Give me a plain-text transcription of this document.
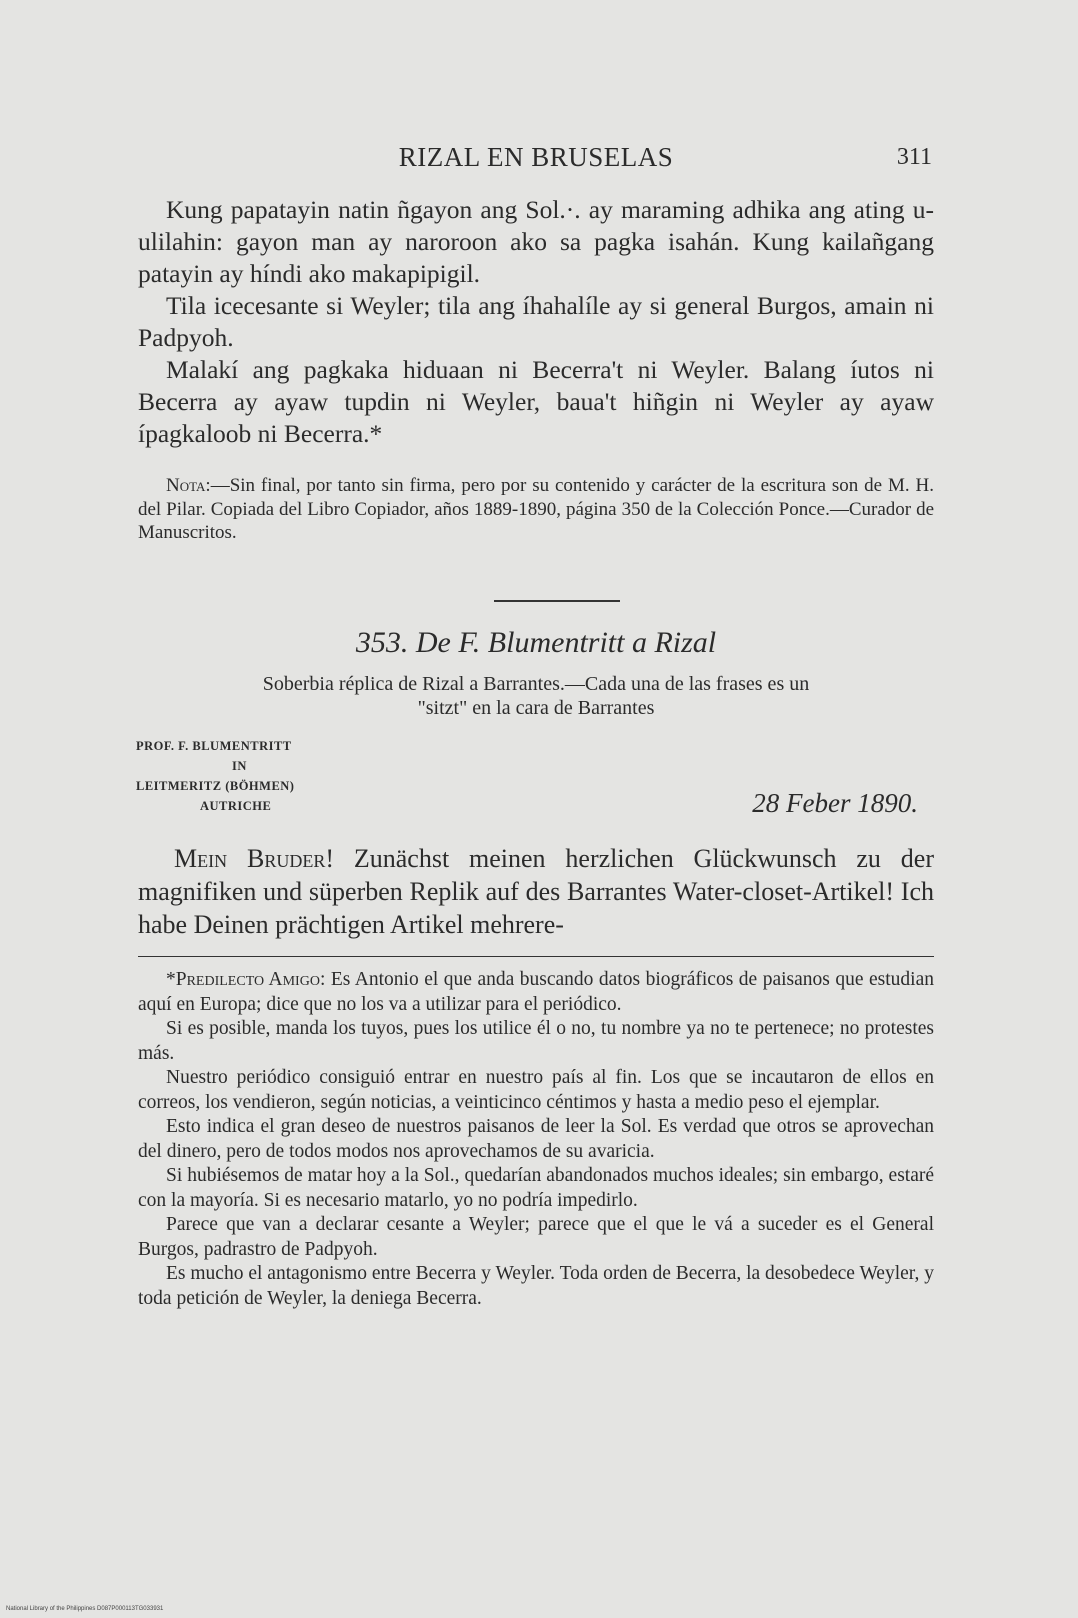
RIZAL EN BRUSELAS	311

Kung papatayin natin ñgayon ang Sol.·. ay maraming adhika ang ating u-ulilahin: gayon man ay naroroon ako sa pagka isahán. Kung kailañgang patayin ay híndi ako makapipigil.

Tila icecesante si Weyler; tila ang íhahalíle ay si general Burgos, amain ni Padpyoh.

Malakí ang pagkaka hiduaan ni Becerra't ni Weyler. Balang íutos ni Becerra ay ayaw tupdin ni Weyler, baua't hiñgin ni Weyler ay ayaw ípagkaloob ni Becerra.*

Nota:—Sin final, por tanto sin firma, pero por su contenido y carácter de la escritura son de M. H. del Pilar. Copiada del Libro Copiador, años 1889-1890, página 350 de la Colección Ponce.—Curador de Manuscritos.

353. De F. Blumentritt a Rizal
Soberbia réplica de Rizal a Barrantes.—Cada una de las frases es un
"sitzt" en la cara de Barrantes
PROF. F. BLUMENTRITT
IN
LEITMERITZ (BÖHMEN)
AUTRICHE	28 Feber 1890.

Mein Bruder! Zunächst meinen herzlichen Glückwunsch zu der magnifiken und süperben Replik auf des Barrantes Water-closet-Artikel! Ich habe Deinen prächtigen Artikel mehrere-

*Predilecto Amigo: Es Antonio el que anda buscando datos biográficos de paisanos que estudian aquí en Europa; dice que no los va a utilizar para el periódico.

Si es posible, manda los tuyos, pues los utilice él o no, tu nombre ya no te pertenece; no protestes más.

Nuestro periódico consiguió entrar en nuestro país al fin. Los que se incautaron de ellos en correos, los vendieron, según noticias, a veinticinco céntimos y hasta a medio peso el ejemplar.

Esto indica el gran deseo de nuestros paisanos de leer la Sol. Es verdad que otros se aprovechan del dinero, pero de todos modos nos aprovechamos de su avaricia.

Si hubiésemos de matar hoy a la Sol., quedarían abandonados muchos ideales; sin embargo, estaré con la mayoría. Si es necesario matarlo, yo no podría impedirlo.

Parece que van a declarar cesante a Weyler; parece que el que le vá a suceder es el General Burgos, padrastro de Padpyoh.

Es mucho el antagonismo entre Becerra y Weyler. Toda orden de Becerra, la desobedece Weyler, y toda petición de Weyler, la deniega Becerra.

National Library of the Philippines D087P000113TG033931
